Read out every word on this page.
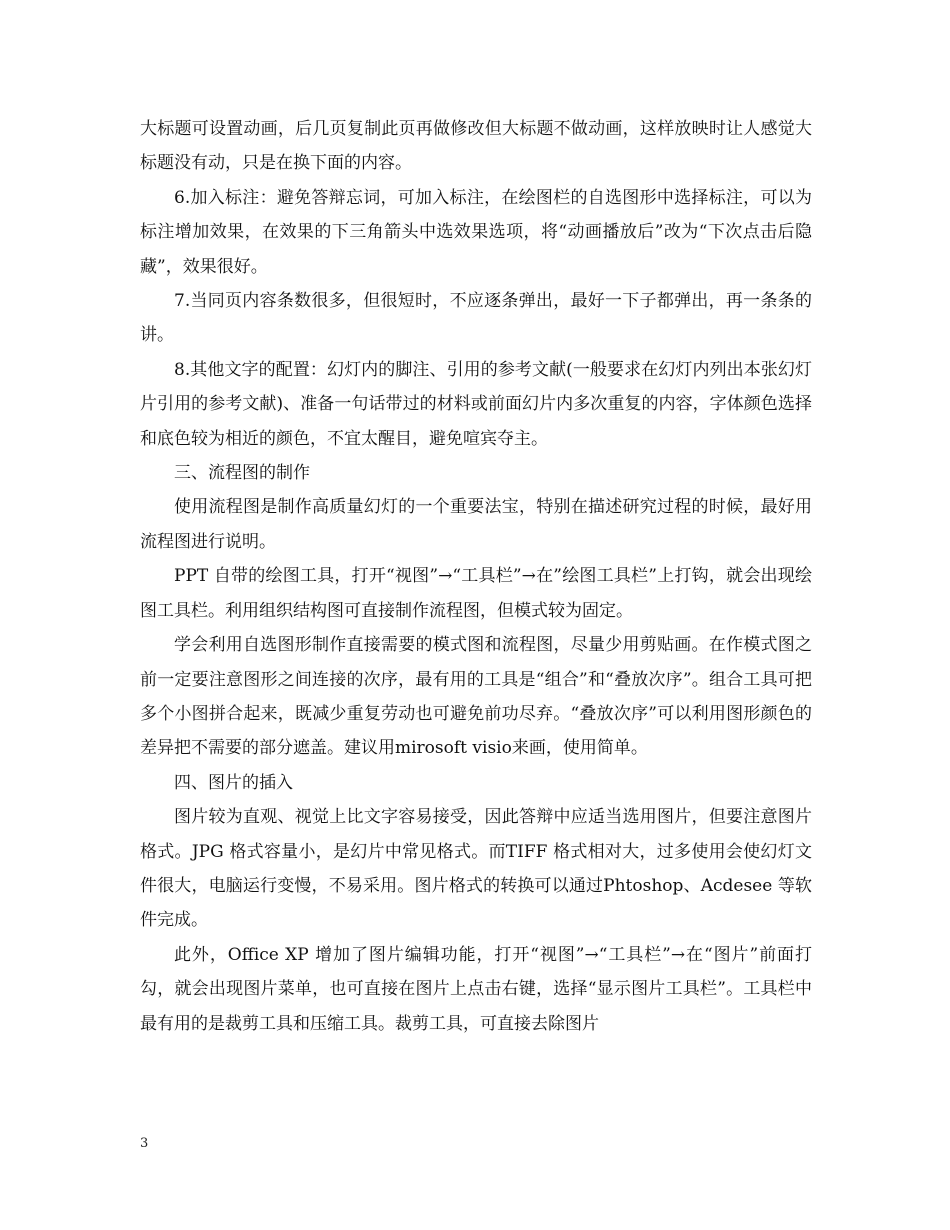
大标题可设置动画，后几页复制此页再做修改但大标题不做动画，这样放映时让人感觉大标题没有动，只是在换下面的内容。

6.加入标注：避免答辩忘词，可加入标注，在绘图栏的自选图形中选择标注，可以为标注增加效果，在效果的下三角箭头中选效果选项，将“动画播放后”改为“下次点击后隐藏”，效果很好。

7.当同页内容条数很多，但很短时，不应逐条弹出，最好一下子都弹出，再一条条的讲。

8.其他文字的配置：幻灯内的脚注、引用的参考文献(一般要求在幻灯内列出本张幻灯片引用的参考文献)、准备一句话带过的材料或前面幻片内多次重复的内容，字体颜色选择和底色较为相近的颜色，不宜太醒目，避免喧宾夺主。

三、流程图的制作

使用流程图是制作高质量幻灯的一个重要法宝，特别在描述研究过程的时候，最好用流程图进行说明。

PPT 自带的绘图工具，打开“视图”→“工具栏”→在”绘图工具栏”上打钩，就会出现绘图工具栏。利用组织结构图可直接制作流程图，但模式较为固定。

学会利用自选图形制作直接需要的模式图和流程图，尽量少用剪贴画。在作模式图之前一定要注意图形之间连接的次序，最有用的工具是“组合”和“叠放次序”。组合工具可把多个小图拼合起来，既减少重复劳动也可避免前功尽弃。“叠放次序”可以利用图形颜色的差异把不需要的部分遮盖。建议用mirosoft visio来画，使用简单。

四、图片的插入

图片较为直观、视觉上比文字容易接受，因此答辩中应适当选用图片，但要注意图片格式。JPG 格式容量小，是幻片中常见格式。而TIFF 格式相对大，过多使用会使幻灯文件很大，电脑运行变慢，不易采用。图片格式的转换可以通过Phtoshop、Acdesee 等软件完成。

此外，Office XP 增加了图片编辑功能，打开“视图”→“工具栏”→在“图片”前面打勾，就会出现图片菜单，也可直接在图片上点击右键，选择“显示图片工具栏”。工具栏中最有用的是裁剪工具和压缩工具。裁剪工具，可直接去除图片

3
